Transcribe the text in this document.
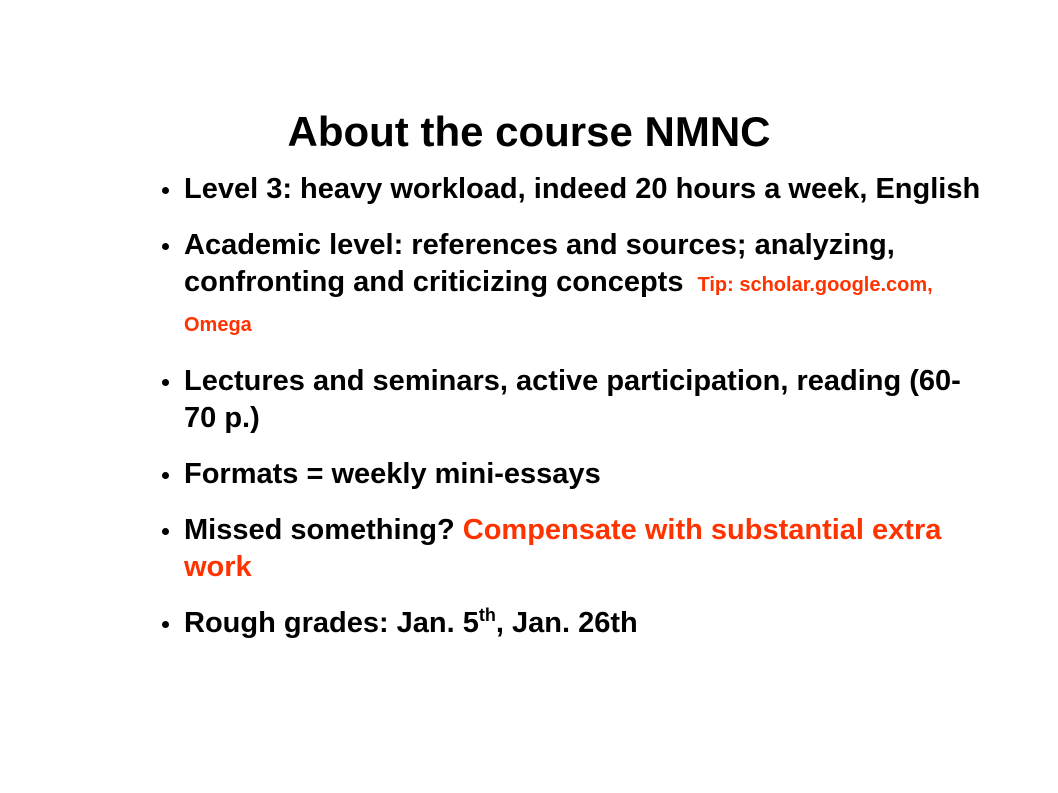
About the course NMNC
Level 3: heavy workload, indeed 20 hours a week, English
Academic level: references and sources; analyzing, confronting and criticizing concepts Tip: scholar.google.com, Omega
Lectures and seminars, active participation, reading (60-70 p.)
Formats = weekly mini-essays
Missed something? Compensate with substantial extra work
Rough grades: Jan. 5th, Jan. 26th
